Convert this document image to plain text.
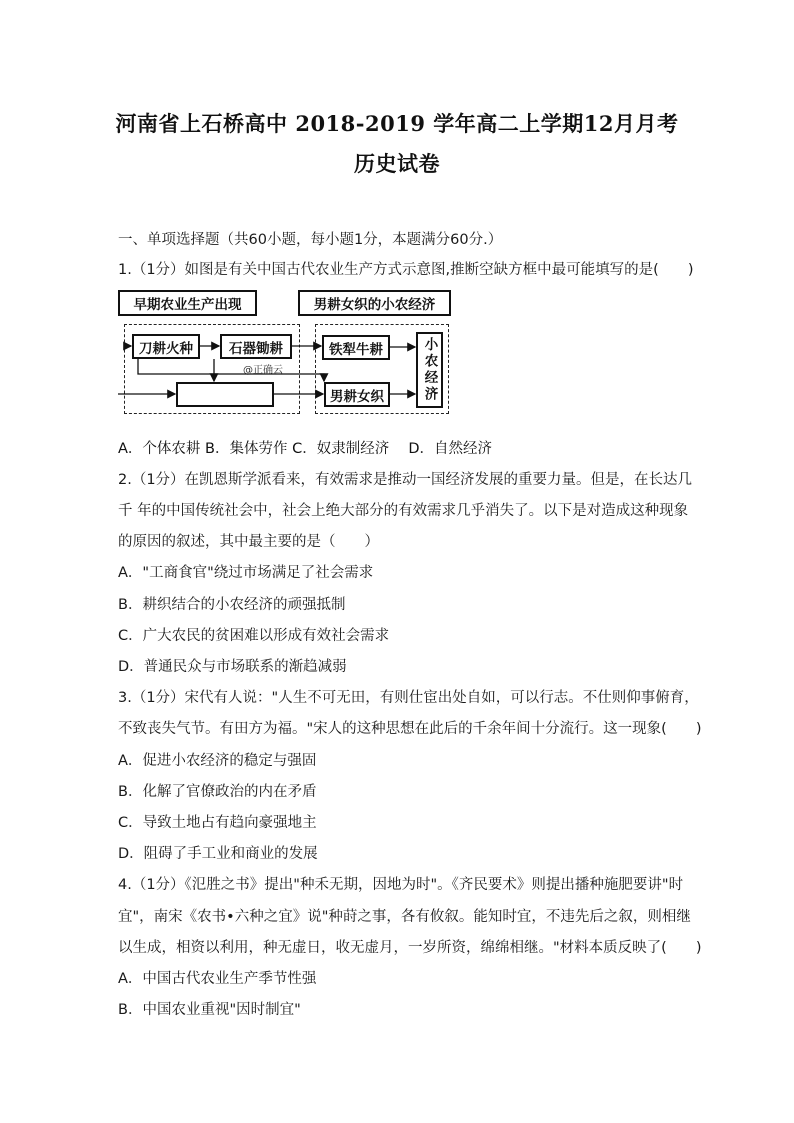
河南省上石桥高中 2018-2019 学年高二上学期12月月考
历史试卷
一、单项选择题（共60小题，每小题1分，本题满分60分.）
1.（1分）如图是有关中国古代农业生产方式示意图,推断空缺方框中最可能填写的是(　　)
早期农业生产出现	男耕女织的小农经济
刀耕火种	石器锄耕
@正确云
铁犁牛耕
男耕女织	小农经济
A．个体农耕 B．集体劳作 C．奴隶制经济　 D．自然经济
2.（1分）在凯恩斯学派看来，有效需求是推动一国经济发展的重要力量。但是，在长达几
千 年的中国传统社会中，社会上绝大部分的有效需求几乎消失了。以下是对造成这种现象
的原因的叙述，其中最主要的是（　　）
A．"工商食官"绕过市场满足了社会需求
B．耕织结合的小农经济的顽强抵制
C．广大农民的贫困难以形成有效社会需求
D．普通民众与市场联系的渐趋减弱
3.（1分）宋代有人说："人生不可无田，有则仕宦出处自如，可以行志。不仕则仰事俯育，
不致丧失气节。有田方为福。"宋人的这种思想在此后的千余年间十分流行。这一现象(　　)
A．促进小农经济的稳定与强固
B．化解了官僚政治的内在矛盾
C．导致土地占有趋向豪强地主
D．阻碍了手工业和商业的发展
4.（1分）《氾胜之书》提出"种禾无期，因地为时"。《齐民要术》则提出播种施肥要讲"时
宜"，南宋《农书•六种之宜》说"种莳之事，各有攸叙。能知时宜，不违先后之叙，则相继
以生成，相资以利用，种无虚日，收无虚月，一岁所资，绵绵相继。"材料本质反映了(　　)
A．中国古代农业生产季节性强
B．中国农业重视"因时制宜"
